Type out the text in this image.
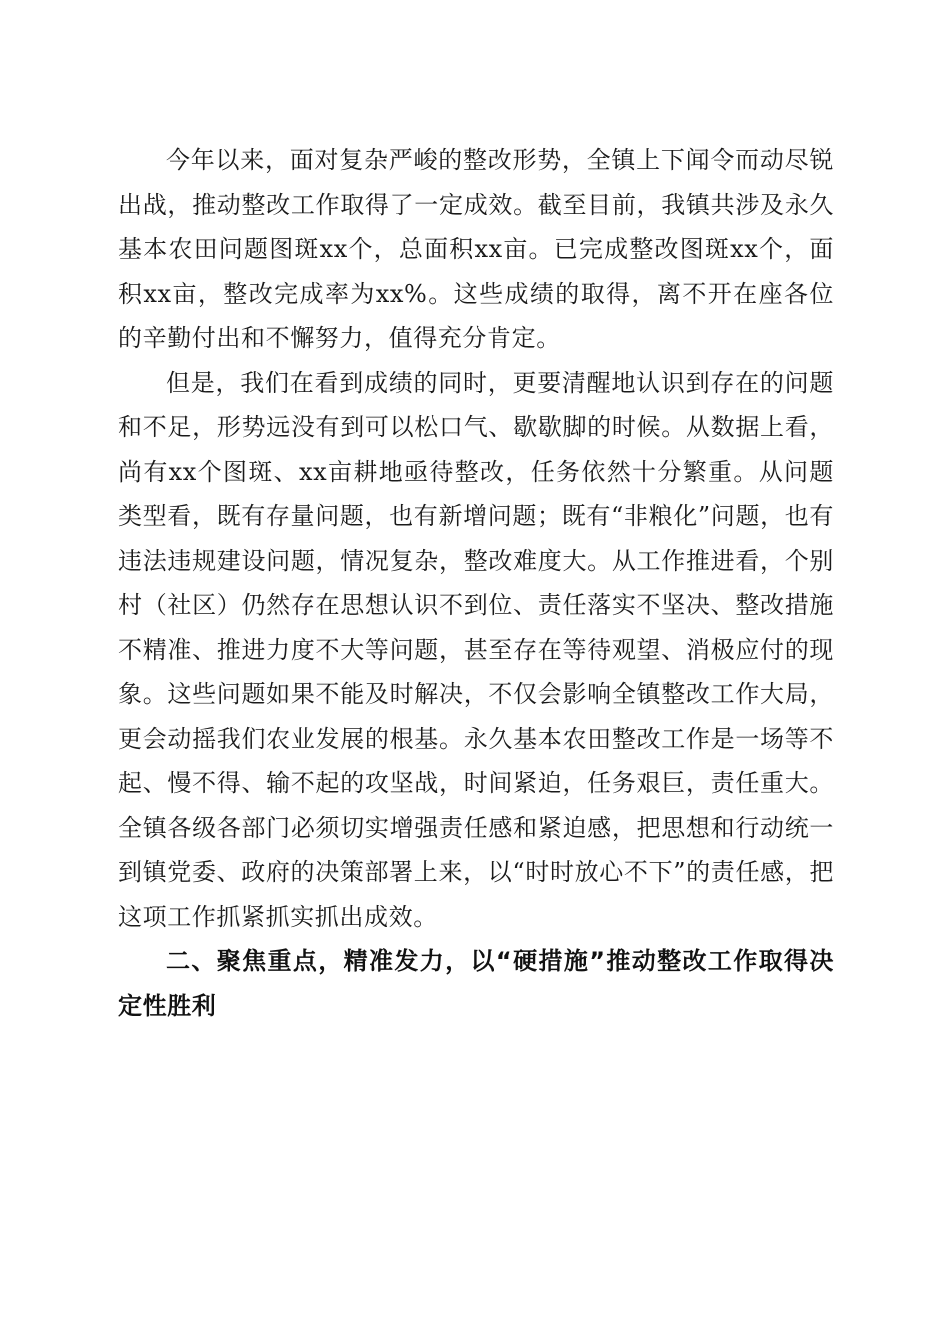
今年以来，面对复杂严峻的整改形势，全镇上下闻令而动尽锐出战，推动整改工作取得了一定成效。截至目前，我镇共涉及永久基本农田问题图斑xx个，总面积xx亩。已完成整改图斑xx个，面积xx亩，整改完成率为xx%。这些成绩的取得，离不开在座各位的辛勤付出和不懈努力，值得充分肯定。

但是，我们在看到成绩的同时，更要清醒地认识到存在的问题和不足，形势远没有到可以松口气、歇歇脚的时候。从数据上看，尚有xx个图斑、xx亩耕地亟待整改，任务依然十分繁重。从问题类型看，既有存量问题，也有新增问题；既有“非粮化”问题，也有违法违规建设问题，情况复杂，整改难度大。从工作推进看，个别村（社区）仍然存在思想认识不到位、责任落实不坚决、整改措施不精准、推进力度不大等问题，甚至存在等待观望、消极应付的现象。这些问题如果不能及时解决，不仅会影响全镇整改工作大局，更会动摇我们农业发展的根基。永久基本农田整改工作是一场等不起、慢不得、输不起的攻坚战，时间紧迫，任务艰巨，责任重大。全镇各级各部门必须切实增强责任感和紧迫感，把思想和行动统一到镇党委、政府的决策部署上来，以“时时放心不下”的责任感，把这项工作抓紧抓实抓出成效。

二、聚焦重点，精准发力，以“硬措施”推动整改工作取得决定性胜利
